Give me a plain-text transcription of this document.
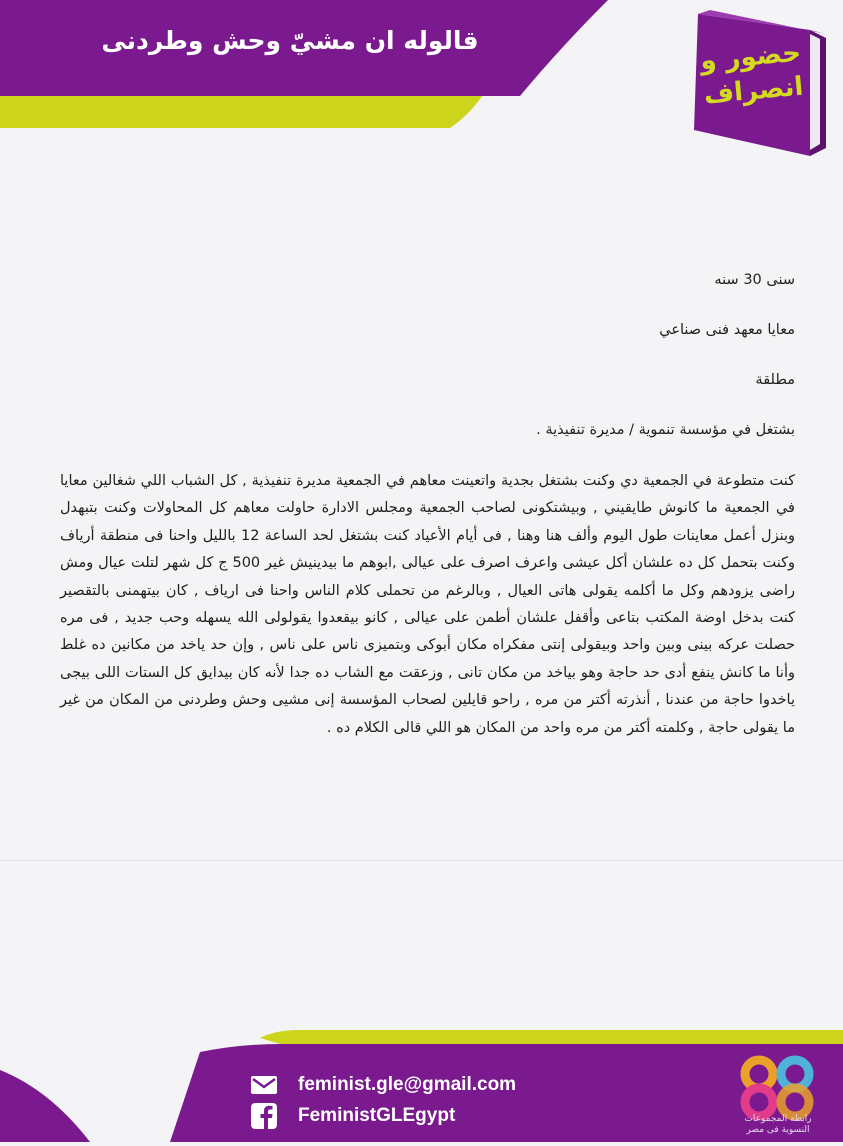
قالوله ان مشيّ وحش وطردنى	حضور و
انصراف

سنى 30 سنه

معايا معهد فنى صناعي

مطلقة

بشتغل في مؤسسة تنموية / مديرة تنفيذية .

كنت متطوعة في الجمعية دي وكنت بشتغل بجدية واتعينت معاهم في الجمعية مديرة تنفيذية , كل الشباب اللي شغالين معايا في الجمعية ما كانوش طايقيني , وبيشتكونى لصاحب الجمعية ومجلس الادارة حاولت معاهم كل المحاولات وكنت بتبهدل وبنزل أعمل معاينات طول اليوم وألف هنا وهنا , فى أيام الأعياد كنت بشتغل لحد الساعة 12 بالليل واحنا فى منطقة أرياف وكنت بتحمل كل ده علشان أكل عيشى واعرف اصرف على عيالى ,ابوهم ما بيدينيش غير 500 ج كل شهر لتلت عيال ومش راضى يزودهم وكل ما أكلمه يقولى هاتى العيال , وبالرغم من تحملى كلام الناس واحنا فى ارياف , كان بيتهمنى بالتقصير كنت بدخل اوضة المكتب بتاعى وأقفل علشان أطمن على عيالى , كانو بيقعدوا يقولولى الله يسهله وحب جديد , فى مره حصلت عركه بينى وبين واحد وبيقولى إنتى مفكراه مكان أبوكى وبتميزى ناس على ناس , وإن حد ياخد من مكانين ده غلط وأنا ما كانش ينفع أدى حد حاجة وهو بياخد من مكان تانى , وزعقت مع الشاب ده جدا لأنه كان بيدايق كل الستات اللى بيجى ياخدوا حاجة من عندنا , أنذرته أكتر من مره , راحو قايلين لصحاب المؤسسة إنى مشيى وحش وطردنى من المكان من غير ما يقولى حاجة , وكلمته أكتر من مره واحد من المكان هو اللي قالى الكلام ده .

feminist.gle@gmail.com
FeministGLEgypt	رابطة المجموعات
النسوية فى مصر
